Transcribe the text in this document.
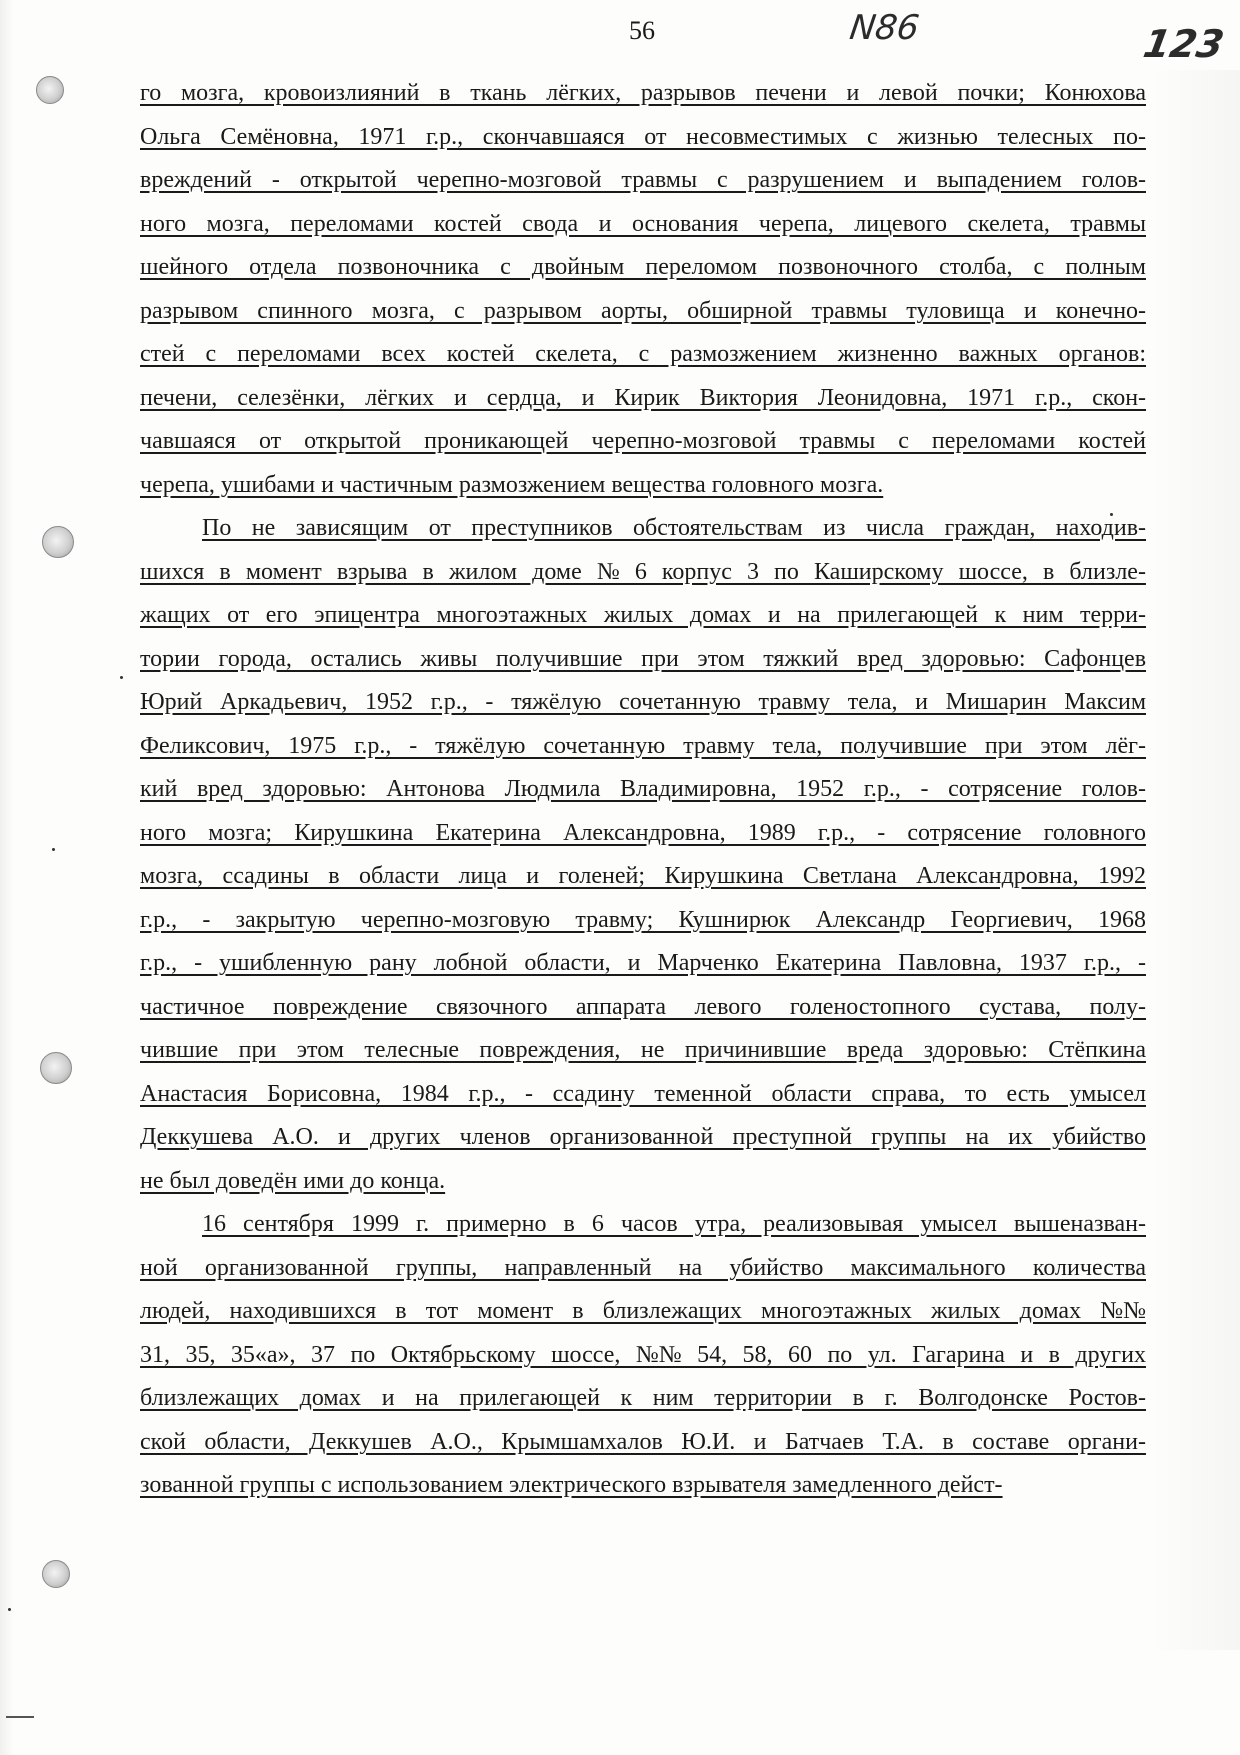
56	N86	123
го мозга, кровоизлияний в ткань лёгких, разрывов печени и левой почки; Конюхова
Ольга Семёновна, 1971 г.р., скончавшаяся от несовместимых с жизнью телесных по-
вреждений - открытой черепно-мозговой травмы с разрушением и выпадением голов-
ного мозга, переломами костей свода и основания черепа, лицевого скелета, травмы
шейного отдела позвоночника с двойным переломом позвоночного столба, с полным
разрывом спинного мозга, с разрывом аорты, обширной травмы туловища и конечно-
стей с переломами всех костей скелета, с размозжением жизненно важных органов:
печени, селезёнки, лёгких и сердца, и Кирик Виктория Леонидовна, 1971 г.р., скон-
чавшаяся от открытой проникающей черепно-мозговой травмы с переломами костей
черепа, ушибами и частичным размозжением вещества головного мозга.
По не зависящим от преступников обстоятельствам из числа граждан, находив-
шихся в момент взрыва в жилом доме № 6 корпус 3 по Каширскому шоссе, в близле-
жащих от его эпицентра многоэтажных жилых домах и на прилегающей к ним терри-
тории города, остались живы получившие при этом тяжкий вред здоровью: Сафонцев
Юрий Аркадьевич, 1952 г.р., - тяжёлую сочетанную травму тела, и Мишарин Максим
Феликсович, 1975 г.р., - тяжёлую сочетанную травму тела, получившие при этом лёг-
кий вред здоровью: Антонова Людмила Владимировна, 1952 г.р., - сотрясение голов-
ного мозга; Кирушкина Екатерина Александровна, 1989 г.р., - сотрясение головного
мозга, ссадины в области лица и голеней; Кирушкина Светлана Александровна, 1992
г.р., - закрытую черепно-мозговую травму; Кушнирюк Александр Георгиевич, 1968
г.р., - ушибленную рану лобной области, и Марченко Екатерина Павловна, 1937 г.р., -
частичное повреждение связочного аппарата левого голеностопного сустава, полу-
чившие при этом телесные повреждения, не причинившие вреда здоровью: Стёпкина
Анастасия Борисовна, 1984 г.р., - ссадину теменной области справа, то есть умысел
Деккушева А.О. и других членов организованной преступной группы на их убийство
не был доведён ими до конца.
16 сентября 1999 г. примерно в 6 часов утра, реализовывая умысел вышеназван-
ной организованной группы, направленный на убийство максимального количества
людей, находившихся в тот момент в близлежащих многоэтажных жилых домах №№
31, 35, 35«а», 37 по Октябрьскому шоссе, №№ 54, 58, 60 по ул. Гагарина и в других
близлежащих домах и на прилегающей к ним территории в г. Волгодонске Ростов-
ской области, Деккушев А.О., Крымшамхалов Ю.И. и Батчаев Т.А. в составе органи-
зованной группы с использованием электрического взрывателя замедленного дейст-
